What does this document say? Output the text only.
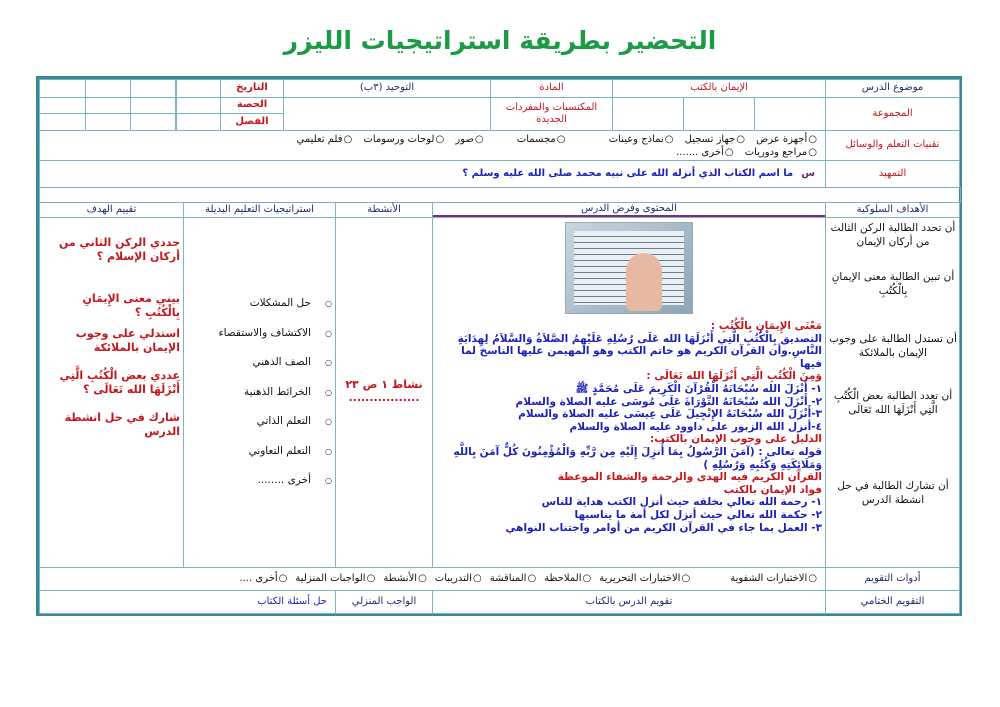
التحضير بطريقة استراتيجيات الليزر
موضوع الدرس
الإيمان بالكتب
المادة
التوحيد (٣ب)
التاريخ
الحصة
الفصل
المجموعة
المكتسبات والمفردات الجديدة
تقنيات التعلم والوسائل
○ أجهزة عرض ○ جهاز تسجيل ○ نماذج وعينات ○ مجسمات ○ صور ○ لوحات ورسومات ○ فلم تعليمي
○ مراجع ودوريات ○ أخرى .......
التمهيد
س
ما اسم الكتاب الذي أنزله الله على نبيه محمد صلى الله عليه وسلم ؟
الأهداف السلوكية
المحتوى وفرض الدرس
الأنشطة
استراتيجيات التعليم البديلة
تقييم الهدف
أن تحدد الطالبة الركن الثالث من أركان الإيمان
أن تبين الطالبة معنى الإيمانِ بِالْكُتُبِ
أن تستدل الطالبة على وجوب الإيمان بالملائكة
أن تعدد الطالبة بعض الْكُتُبِ الَّتِي أَنْزَلَهَا الله تَعَالَى
أن تشارك الطالبة في حل انشطة الدرس
مَعْنَى الإِيمَانِ بِالْكُتُبِ :
التصديق بِالْكُتُبِ الَّتِي أَنْزَلَهَا الله عَلَى رُسُلِهِ عَلَيْهِمُ الصَّلاَةُ وَالسَّلاَمُ لِهِدَايَةِ النَّاسِ.وأن القرآن الكريم هو خاتم الكتب وهو المهيمن عليها الناسخ لما فيها
وَمِنَ الْكُتُبِ الَّتِي أَنْزَلَهَا الله تَعَالَى :
١- أَنْزَلَ الله سُبْحَانَهُ الْقُرْآنَ الْكَرِيمَ عَلَى مُحَمَّدٍ ﷺ
٢- أَنْزَلَ الله سُبْحَانَهُ التَّوْرَاةَ عَلَى مُوسَى عليه الصلاة والسلام
٣-أَنْزَلَ الله سُبْحَانَهُ الإِنْجِيلَ عَلَى عِيسَى عليه الصلاة والسلام
٤-أنزل الله الزبور على داوود عليه الصلاة والسلام
الدليل على وجوب الإيمان بالكتب:
قوله تعالى : (آمَنَ الرَّسُولُ بِمَا أُنزِلَ إِلَيْهِ مِن رَّبِّهِ وَالْمُؤْمِنُونَ كُلٌّ آمَنَ بِاللَّهِ وَمَلَائِكَتِهِ وَكُتُبِهِ وَرُسُلِهِ )
القرآن الكريم فيه الهدى والرحمة والشفاء الموعظة
فواد الإيمان بالكتب
١- رحمة الله تعالي بخلقه حيث أنزل الكتب هداية للناس
٢- حكمة الله تعالي حيث أنزل لكل أمة ما يناسبها
٣- العمل بما جاء في القرآن الكريم من أوامر واجتناب النواهي
نشاط ١ ص ٢٣
.................
○ حل المشكلات
○ الاكتشاف والاستقصاء
○ الصف الذهني
○ الخرائط الذهنية
○ التعلم الذاتي
○ التعلم التعاوني
○ أخرى ........
حددي الركن الثاني من أركان الإسلام ؟
بيني معنى الإِيمَانِ بِالْكُتُبِ ؟
استدلي على وجوب الإيمان بالملائكة
عددي بعض الْكُتُبِ الَّتِي أَنْزَلَهَا الله تَعَالَى ؟
شارك في حل انشطة الدرس
أدوات التقويم
○ الاختبارات الشفوية
○ الاختبارات التحريرية
○ الملاحظة
○ المناقشة
○ التدريبات
○ الأنشطة
○ الواجبات المنزلية
○ أخرى ....
التقويم الختامي
تقويم الدرس بالكتاب
الواجب المنزلي
حل أسئلة الكتاب
